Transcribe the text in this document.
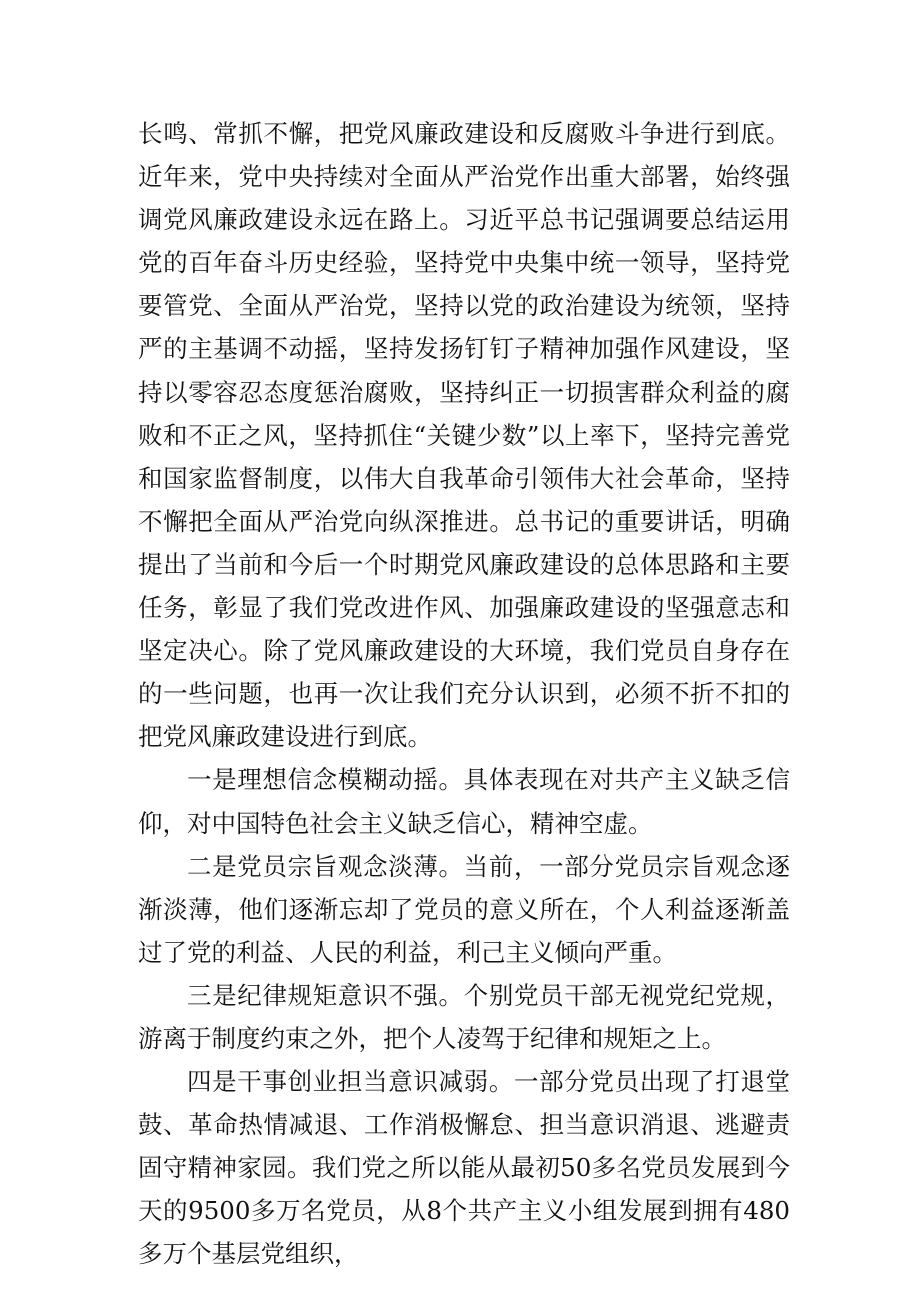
长鸣、常抓不懈，把党风廉政建设和反腐败斗争进行到底。近年来，党中央持续对全面从严治党作出重大部署，始终强调党风廉政建设永远在路上。习近平总书记强调要总结运用党的百年奋斗历史经验，坚持党中央集中统一领导，坚持党要管党、全面从严治党，坚持以党的政治建设为统领，坚持严的主基调不动摇，坚持发扬钉钉子精神加强作风建设，坚持以零容忍态度惩治腐败，坚持纠正一切损害群众利益的腐败和不正之风，坚持抓住“关键少数”以上率下，坚持完善党和国家监督制度，以伟大自我革命引领伟大社会革命，坚持不懈把全面从严治党向纵深推进。总书记的重要讲话，明确提出了当前和今后一个时期党风廉政建设的总体思路和主要任务，彰显了我们党改进作风、加强廉政建设的坚强意志和坚定决心。除了党风廉政建设的大环境，我们党员自身存在的一些问题，也再一次让我们充分认识到，必须不折不扣的把党风廉政建设进行到底。

一是理想信念模糊动摇。具体表现在对共产主义缺乏信仰，对中国特色社会主义缺乏信心，精神空虚。

二是党员宗旨观念淡薄。当前，一部分党员宗旨观念逐渐淡薄，他们逐渐忘却了党员的意义所在，个人利益逐渐盖过了党的利益、人民的利益，利己主义倾向严重。

三是纪律规矩意识不强。个别党员干部无视党纪党规，游离于制度约束之外，把个人凌驾于纪律和规矩之上。

四是干事创业担当意识减弱。一部分党员出现了打退堂鼓、革命热情减退、工作消极懈怠、担当意识消退、逃避责固守精神家园。我们党之所以能从最初50多名党员发展到今天的9500多万名党员，从8个共产主义小组发展到拥有480多万个基层党组织，
